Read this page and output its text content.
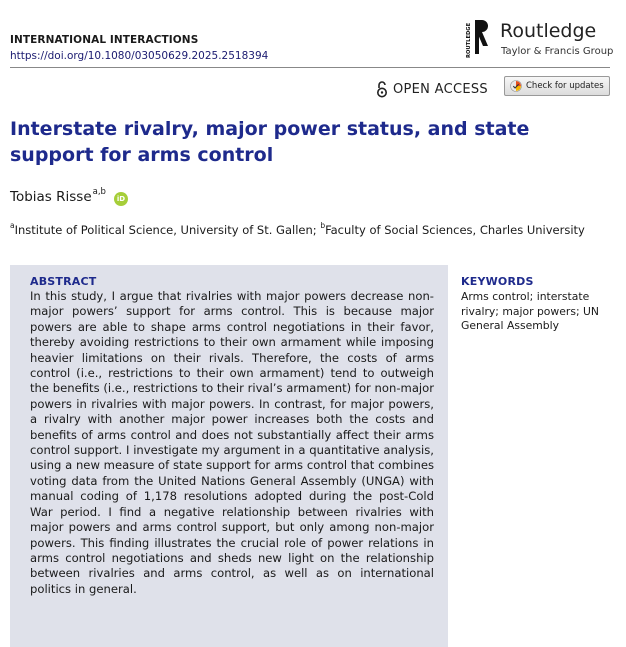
INTERNATIONAL INTERACTIONS
https://doi.org/10.1080/03050629.2025.2518394	ROUTLEDGE Routledge
Taylor & Francis Group
OPEN ACCESS	Check for updates
Interstate rivalry, major power status, and state support for arms control
Tobias Risse$^{a,b}$
iD
$^a$Institute of Political Science, University of St. Gallen; $^b$Faculty of Social Sciences, Charles University
ABSTRACT

In this study, I argue that rivalries with major powers decrease non-major powers’ support for arms control. This is because major powers are able to shape arms control negotiations in their favor, thereby avoiding restrictions to their own armament while imposing heavier limitations on their rivals. Therefore, the costs of arms control (i.e., restrictions to their own armament) tend to outweigh the benefits (i.e., restrictions to their rival’s armament) for non-major powers in rivalries with major powers. In contrast, for major powers, a rivalry with another major power increases both the costs and benefits of arms control and does not substantially affect their arms control support. I investigate my argument in a quantitative analysis, using a new measure of state support for arms control that combines voting data from the United Nations General Assembly (UNGA) with manual coding of 1,178 resolutions adopted during the post-Cold War period. I find a negative relationship between rivalries with major powers and arms control support, but only among non-major powers. This finding illustrates the crucial role of power relations in arms control negotiations and sheds new light on the relationship between rivalries and arms control, as well as on international politics in general.

KEYWORDS

Arms control; interstate rivalry; major powers; UN General Assembly
